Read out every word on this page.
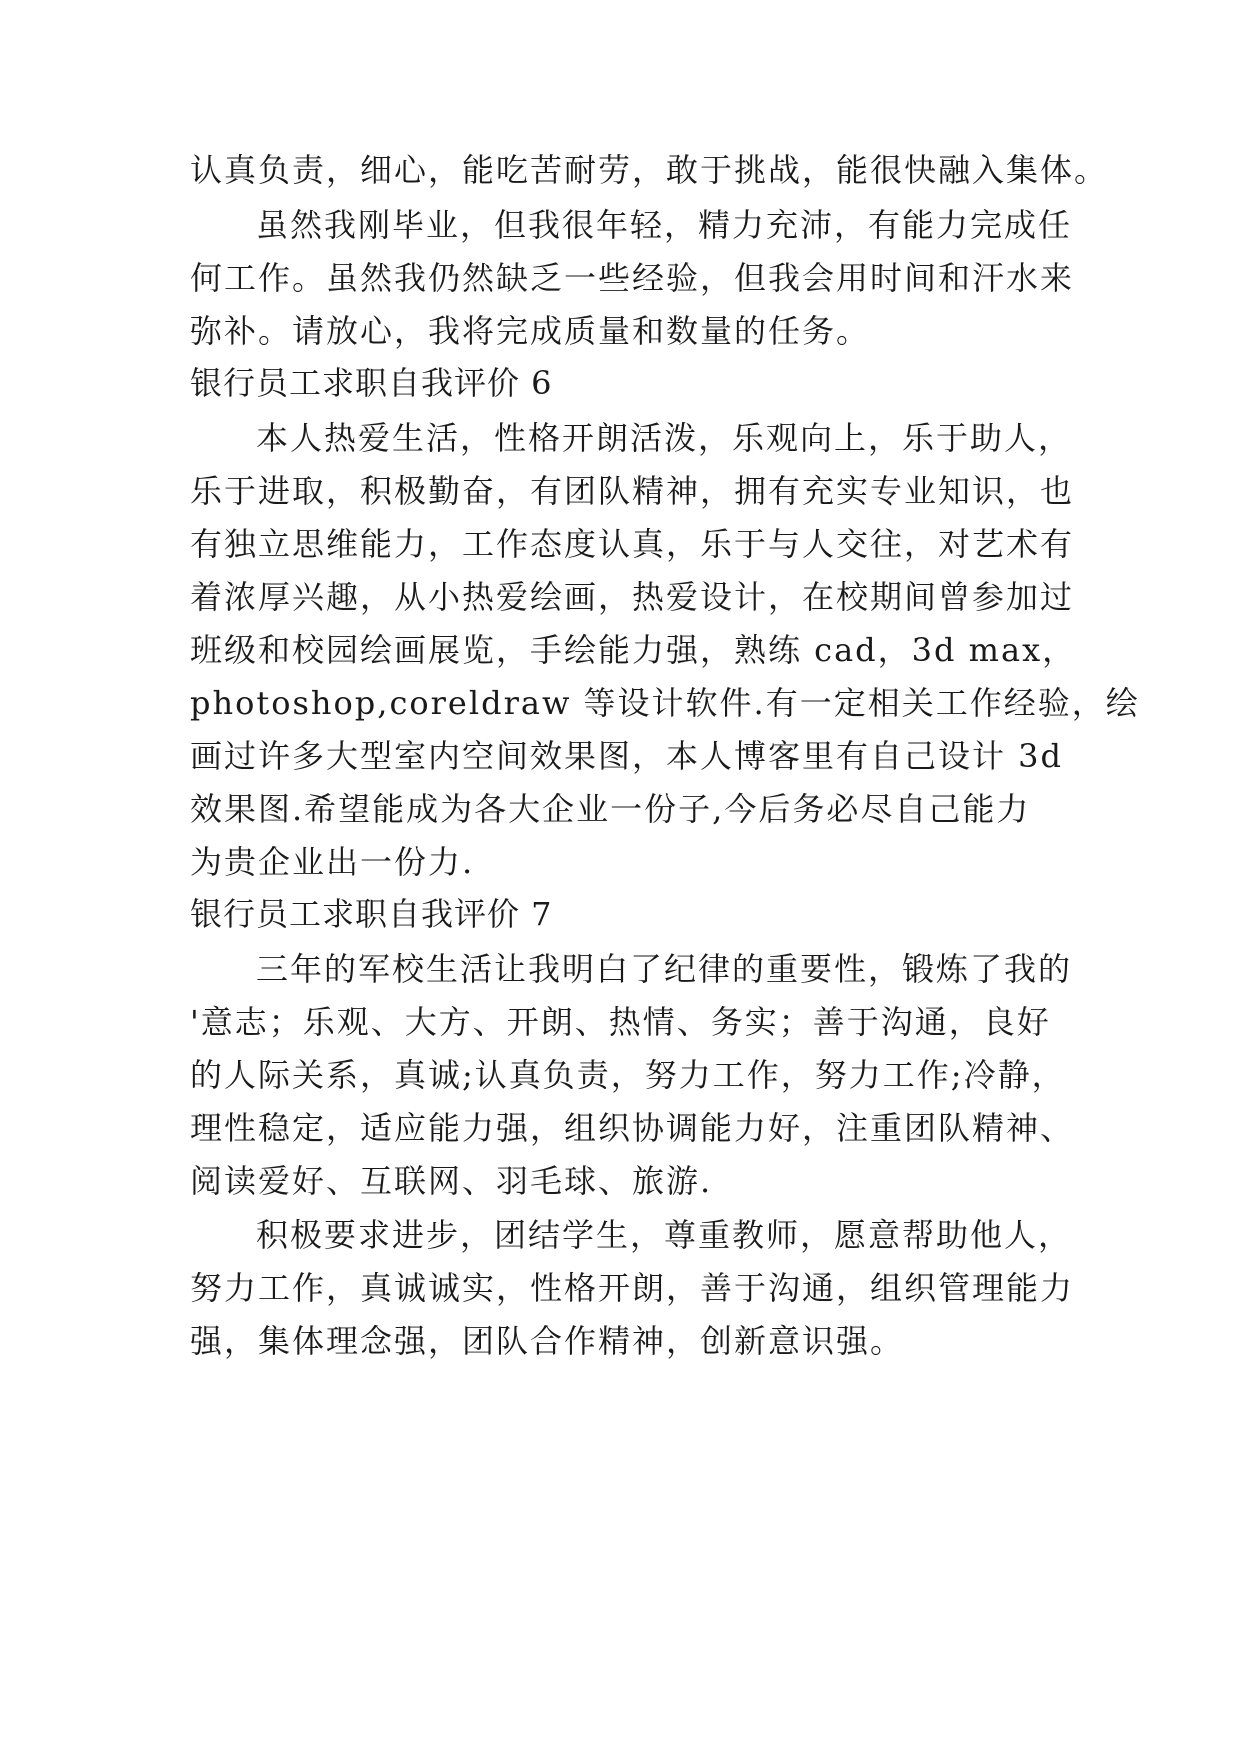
认真负责，细心，能吃苦耐劳，敢于挑战，能很快融入集体。
虽然我刚毕业，但我很年轻，精力充沛，有能力完成任
何工作。虽然我仍然缺乏一些经验，但我会用时间和汗水来
弥补。请放心，我将完成质量和数量的任务。
银行员工求职自我评价 6
本人热爱生活，性格开朗活泼，乐观向上，乐于助人，
乐于进取，积极勤奋，有团队精神，拥有充实专业知识，也
有独立思维能力，工作态度认真，乐于与人交往，对艺术有
着浓厚兴趣，从小热爱绘画，热爱设计，在校期间曾参加过
班级和校园绘画展览，手绘能力强，熟练 cad，3d max，
photoshop,coreldraw 等设计软件.有一定相关工作经验，绘
画过许多大型室内空间效果图，本人博客里有自己设计 3d
效果图.希望能成为各大企业一份子,今后务必尽自己能力
为贵企业出一份力.
银行员工求职自我评价 7
三年的军校生活让我明白了纪律的重要性，锻炼了我的
'意志；乐观、大方、开朗、热情、务实；善于沟通，良好
的人际关系，真诚;认真负责，努力工作，努力工作;冷静，
理性稳定，适应能力强，组织协调能力好，注重团队精神、
阅读爱好、互联网、羽毛球、旅游.
积极要求进步，团结学生，尊重教师，愿意帮助他人，
努力工作，真诚诚实，性格开朗，善于沟通，组织管理能力
强，集体理念强，团队合作精神，创新意识强。
